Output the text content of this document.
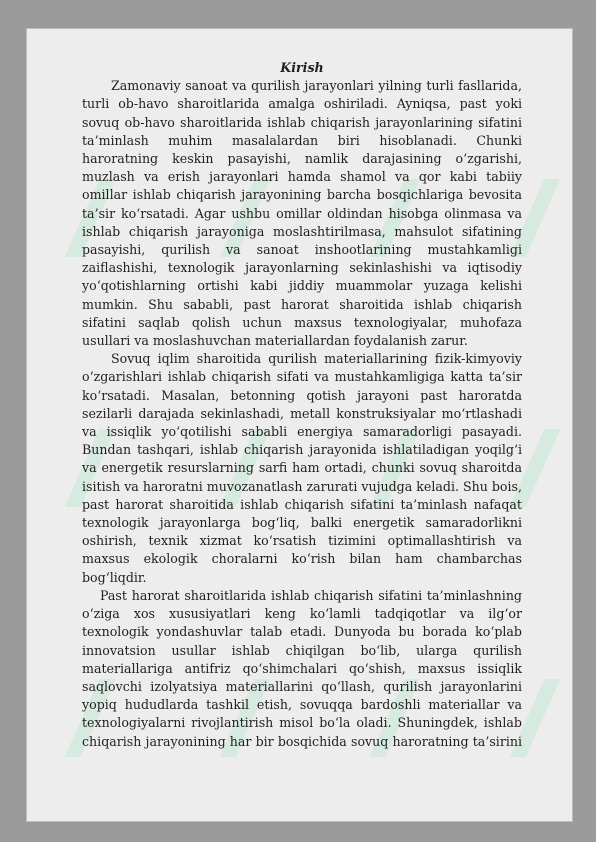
Kirish

Zamonaviy sanoat va qurilish jarayonlari yilning turli fasllarida, turli ob-havo sharoitlarida amalga oshiriladi. Ayniqsa, past yoki sovuq ob-havo sharoitlarida ishlab chiqarish jarayonlarining sifatini ta’minlash muhim masalalardan biri hisoblanadi. Chunki haroratning keskin pasayishi, namlik darajasining o‘zgarishi, muzlash va erish jarayonlari hamda shamol va qor kabi tabiiy omillar ishlab chiqarish jarayonining barcha bosqichlariga bevosita ta’sir ko‘rsatadi. Agar ushbu omillar oldindan hisobga olinmasa va ishlab chiqarish jarayoniga moslashtirilmasa, mahsulot sifatining pasayishi, qurilish va sanoat inshootlarining mustahkamligi zaiflashishi, texnologik jarayonlarning sekinlashishi va iqtisodiy yo‘qotishlarning ortishi kabi jiddiy muammolar yuzaga kelishi mumkin. Shu sababli, past harorat sharoitida ishlab chiqarish sifatini saqlab qolish uchun maxsus texnologiyalar, muhofaza usullari va moslashuvchan materiallardan foydalanish zarur.

Sovuq iqlim sharoitida qurilish materiallarining fizik-kimyoviy o‘zgarishlari ishlab chiqarish sifati va mustahkamligiga katta ta’sir ko‘rsatadi. Masalan, betonning qotish jarayoni past haroratda sezilarli darajada sekinlashadi, metall konstruksiyalar mo‘rtlashadi va issiqlik yo‘qotilishi sababli energiya samaradorligi pasayadi. Bundan tashqari, ishlab chiqarish jarayonida ishlatiladigan yoqilg‘i va energetik resurslarning sarfi ham ortadi, chunki sovuq sharoitda isitish va haroratni muvozanatlash zarurati vujudga keladi. Shu bois, past harorat sharoitida ishlab chiqarish sifatini ta’minlash nafaqat texnologik jarayonlarga bog‘liq, balki energetik samaradorlikni oshirish, texnik xizmat ko‘rsatish tizimini optimallashtirish va maxsus ekologik choralarni ko‘rish bilan ham chambarchas bog‘liqdir.

Past harorat sharoitlarida ishlab chiqarish sifatini ta’minlashning o‘ziga xos xususiyatlari keng ko‘lamli tadqiqotlar va ilg‘or texnologik yondashuvlar talab etadi. Dunyoda bu borada ko‘plab innovatsion usullar ishlab chiqilgan bo‘lib, ularga qurilish materiallariga antifriz qo‘shimchalari qo‘shish, maxsus issiqlik saqlovchi izolyatsiya materiallarini qo‘llash, qurilish jarayonlarini yopiq hududlarda tashkil etish, sovuqqa bardoshli materiallar va texnologiyalarni rivojlantirish misol bo‘la oladi. Shuningdek, ishlab chiqarish jarayonining har bir bosqichida sovuq haroratning ta’sirini
